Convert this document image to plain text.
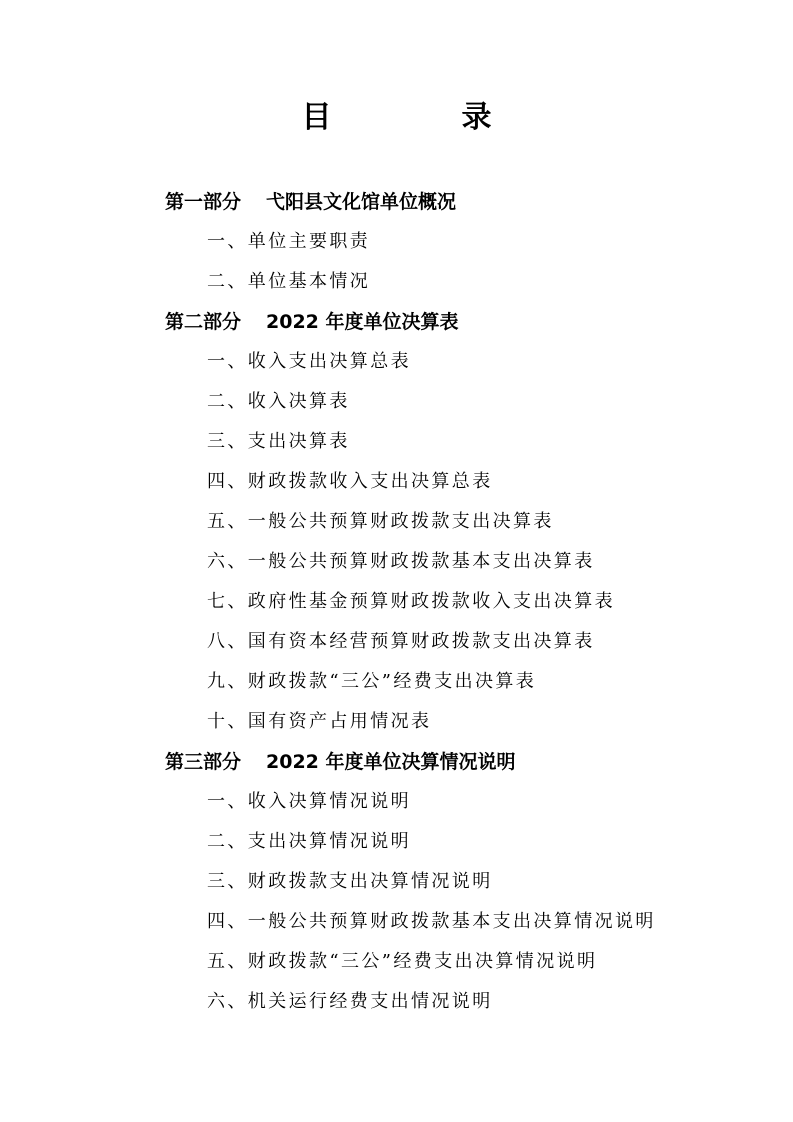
目　录
第一部分 弋阳县文化馆单位概况
一、单位主要职责
二、单位基本情况
第二部分 2022 年度单位决算表
一、收入支出决算总表
二、收入决算表
三、支出决算表
四、财政拨款收入支出决算总表
五、一般公共预算财政拨款支出决算表
六、一般公共预算财政拨款基本支出决算表
七、政府性基金预算财政拨款收入支出决算表
八、国有资本经营预算财政拨款支出决算表
九、财政拨款“三公”经费支出决算表
十、国有资产占用情况表
第三部分 2022 年度单位决算情况说明
一、收入决算情况说明
二、支出决算情况说明
三、财政拨款支出决算情况说明
四、一般公共预算财政拨款基本支出决算情况说明
五、财政拨款“三公”经费支出决算情况说明
六、机关运行经费支出情况说明
